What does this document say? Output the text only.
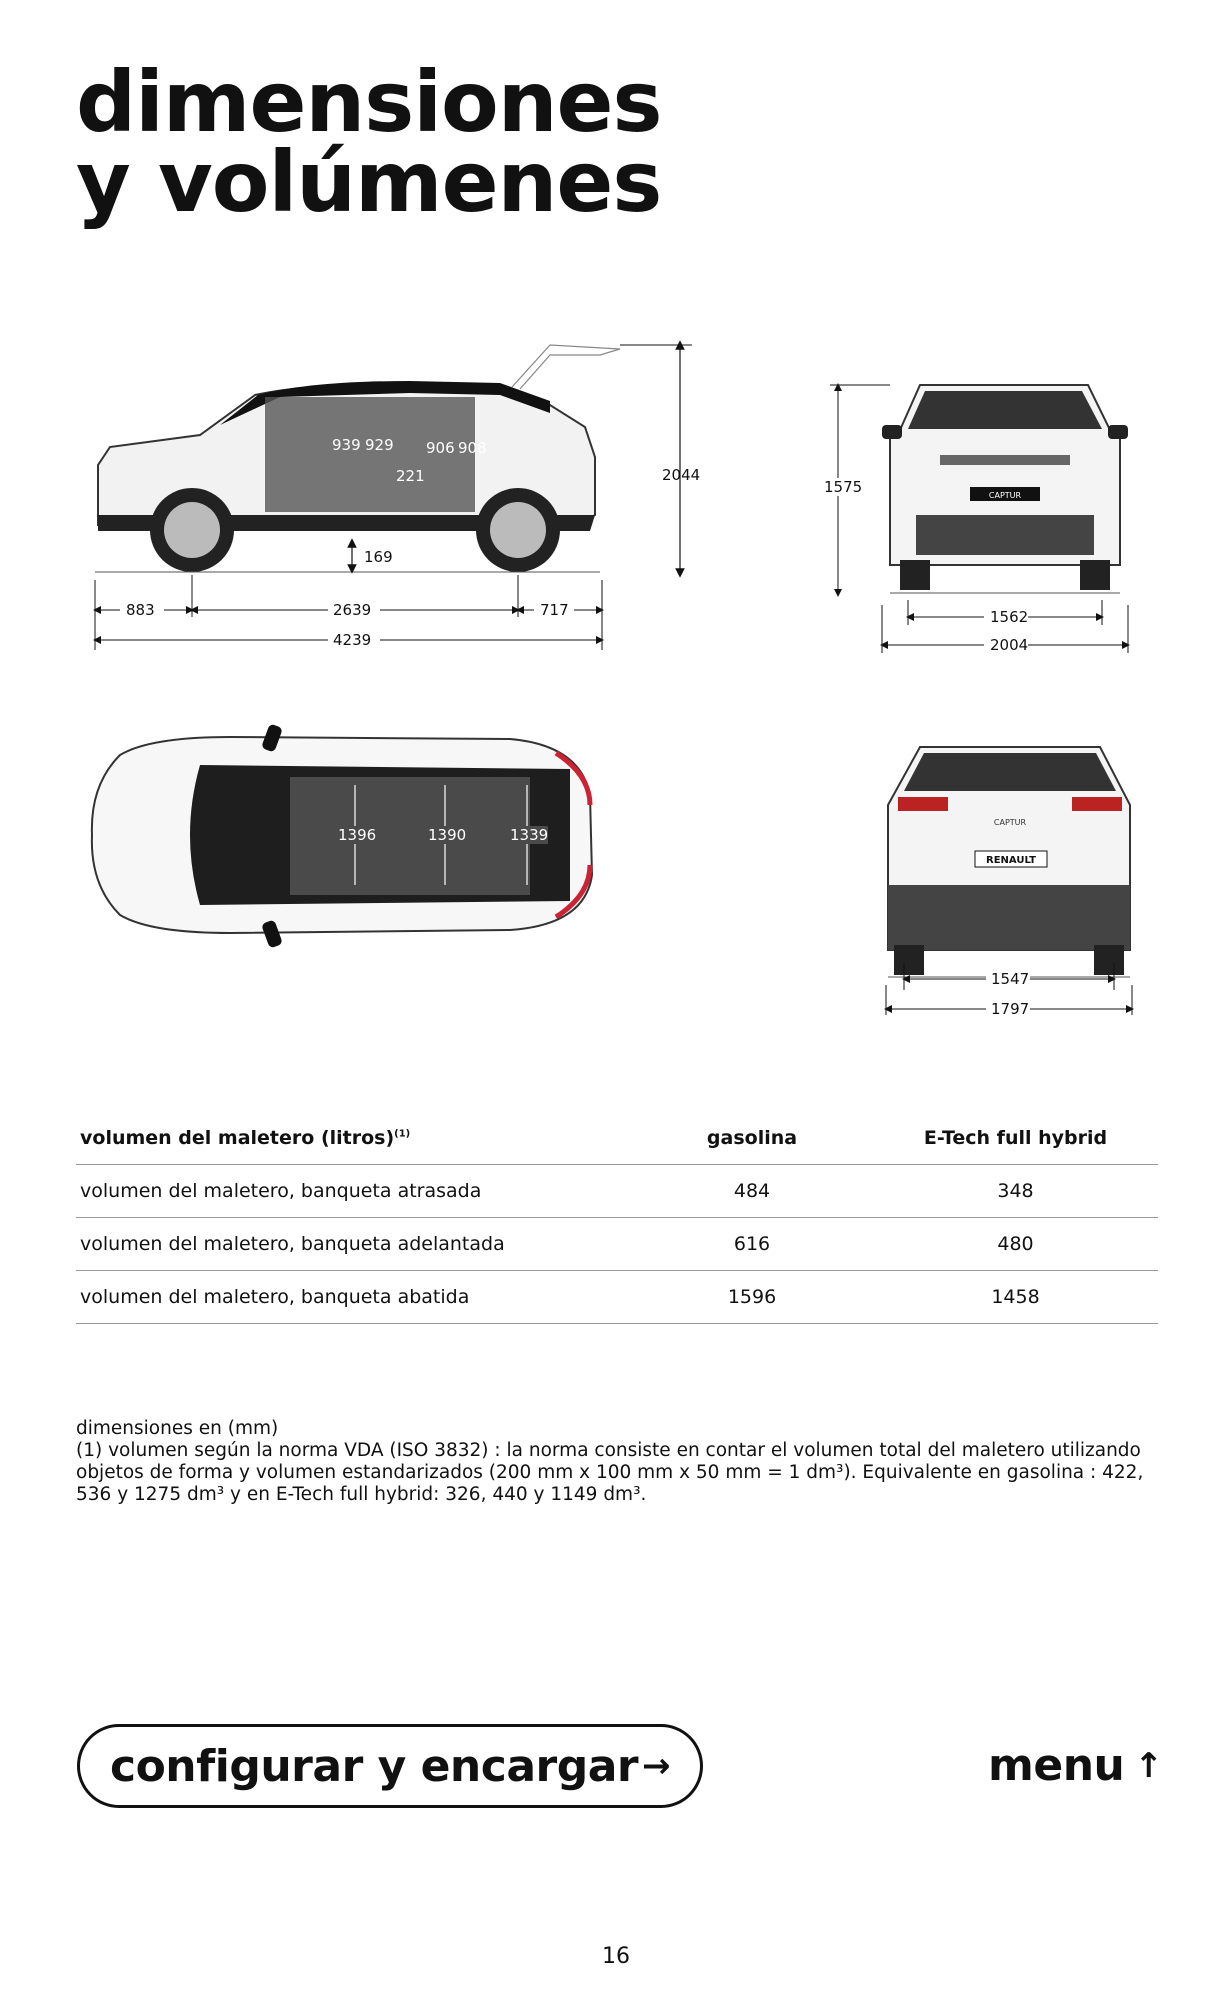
dimensiones
y volúmenes
939 929 906 908
221
169
2044
883	2639	717
4239
CAPTUR
1575
1562
2004
1396	1390	1339
CAPTUR
RENAULT
1547
1797
volumen del maletero (litros)$^{(1)}$	gasolina	E-Tech full hybrid
volumen del maletero, banqueta atrasada	484	348
volumen del maletero, banqueta adelantada	616	480
volumen del maletero, banqueta abatida	1596	1458

dimensiones en (mm)

(1) volumen según la norma VDA (ISO 3832) : la norma consiste en contar el volumen total del maletero utilizando objetos de forma y volumen estandarizados (200 mm x 100 mm x 50 mm = 1 dm³). Equivalente en gasolina : 422, 536 y 1275 dm³ y en E-Tech full hybrid: 326, 440 y 1149 dm³.

configurar y encargar →	menu ↑
16
